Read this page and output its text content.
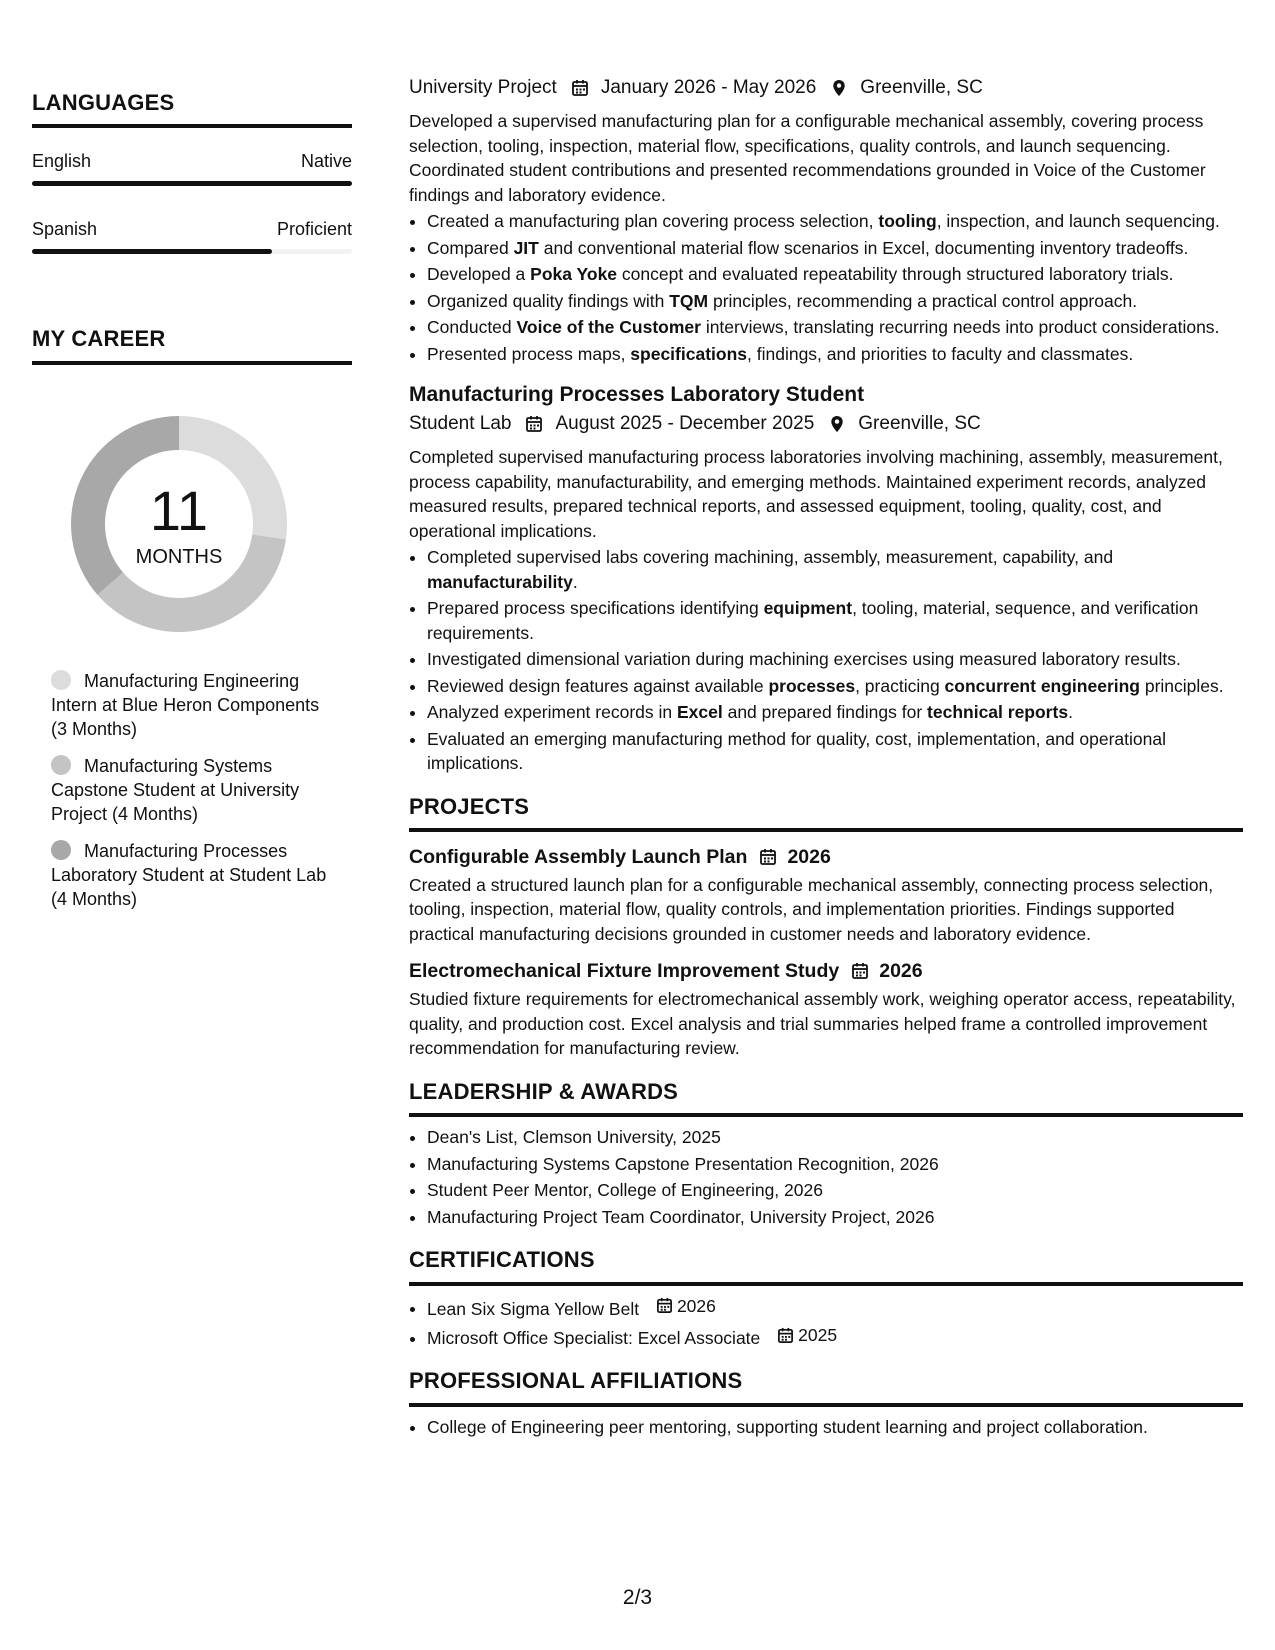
LANGUAGES
English	Native
Spanish	Proficient
MY CAREER
11
MONTHS
Manufacturing Engineering Intern at Blue Heron Components (3 Months)
Manufacturing Systems Capstone Student at University Project (4 Months)
Manufacturing Processes Laboratory Student at Student Lab (4 Months)
University Project January 2026 - May 2026 Greenville, SC
Developed a supervised manufacturing plan for a configurable mechanical assembly, covering process selection, tooling, inspection, material flow, specifications, quality controls, and launch sequencing. Coordinated student contributions and presented recommendations grounded in Voice of the Customer findings and laboratory evidence.
• Created a manufacturing plan covering process selection, tooling, inspection, and launch sequencing.
• Compared JIT and conventional material flow scenarios in Excel, documenting inventory tradeoffs.
• Developed a Poka Yoke concept and evaluated repeatability through structured laboratory trials.
• Organized quality findings with TQM principles, recommending a practical control approach.
• Conducted Voice of the Customer interviews, translating recurring needs into product considerations.
• Presented process maps, specifications, findings, and priorities to faculty and classmates.
Manufacturing Processes Laboratory Student
Student Lab August 2025 - December 2025 Greenville, SC
Completed supervised manufacturing process laboratories involving machining, assembly, measurement, process capability, manufacturability, and emerging methods. Maintained experiment records, analyzed measured results, prepared technical reports, and assessed equipment, tooling, quality, cost, and operational implications.
• Completed supervised labs covering machining, assembly, measurement, capability, and manufacturability.
• Prepared process specifications identifying equipment, tooling, material, sequence, and verification requirements.
• Investigated dimensional variation during machining exercises using measured laboratory results.
• Reviewed design features against available processes, practicing concurrent engineering principles.
• Analyzed experiment records in Excel and prepared findings for technical reports.
• Evaluated an emerging manufacturing method for quality, cost, implementation, and operational implications.
PROJECTS
Configurable Assembly Launch Plan 2026
Created a structured launch plan for a configurable mechanical assembly, connecting process selection, tooling, inspection, material flow, quality controls, and implementation priorities. Findings supported practical manufacturing decisions grounded in customer needs and laboratory evidence.
Electromechanical Fixture Improvement Study 2026
Studied fixture requirements for electromechanical assembly work, weighing operator access, repeatability, quality, and production cost. Excel analysis and trial summaries helped frame a controlled improvement recommendation for manufacturing review.
LEADERSHIP & AWARDS
• Dean's List, Clemson University, 2025
• Manufacturing Systems Capstone Presentation Recognition, 2026
• Student Peer Mentor, College of Engineering, 2026
• Manufacturing Project Team Coordinator, University Project, 2026
CERTIFICATIONS
• Lean Six Sigma Yellow Belt 2026
• Microsoft Office Specialist: Excel Associate 2025
PROFESSIONAL AFFILIATIONS
• College of Engineering peer mentoring, supporting student learning and project collaboration.
2/3
